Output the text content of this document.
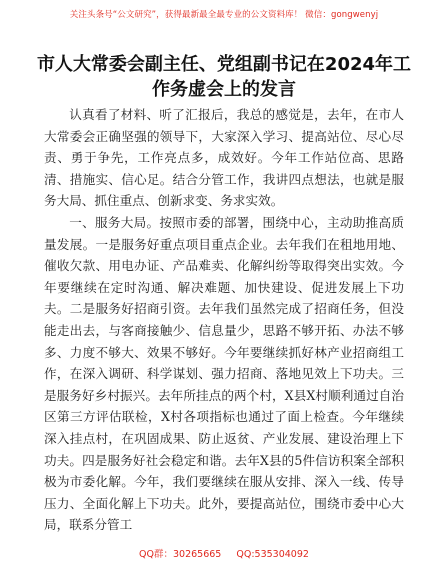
关注头条号“公文研究”，获得最新最全最专业的公文资料库！ 微信：gongwenyj
市人大常委会副主任、党组副书记在2024年工作务虚会上的发言

认真看了材料、听了汇报后，我总的感觉是，去年，在市人大常委会正确坚强的领导下，大家深入学习、提高站位、尽心尽责、勇于争先，工作亮点多，成效好。今年工作站位高、思路清、措施实、信心足。结合分管工作，我讲四点想法，也就是服务大局、抓住重点、创新求变、务求实效。

一、服务大局。按照市委的部署，围绕中心，主动助推高质量发展。一是服务好重点项目重点企业。去年我们在租地用地、催收欠款、用电办证、产品难卖、化解纠纷等取得突出实效。今年要继续在定时沟通、解决难题、加快建设、促进发展上下功夫。二是服务好招商引资。去年我们虽然完成了招商任务，但没能走出去，与客商接触少、信息量少，思路不够开拓、办法不够多、力度不够大、效果不够好。今年要继续抓好林产业招商组工作，在深入调研、科学谋划、强力招商、落地见效上下功夫。三是服务好乡村振兴。去年所挂点的两个村，X县X村顺利通过自治区第三方评估联检，X村各项指标也通过了面上检查。今年继续深入挂点村，在巩固成果、防止返贫、产业发展、建设治理上下功夫。四是服务好社会稳定和谐。去年X县的5件信访积案全部积极为市委化解。今年，我们要继续在服从安排、深入一线、传导压力、全面化解上下功夫。此外，要提高站位，围绕市委中心大局，联系分管工

QQ群：30265665 QQ:535304092
